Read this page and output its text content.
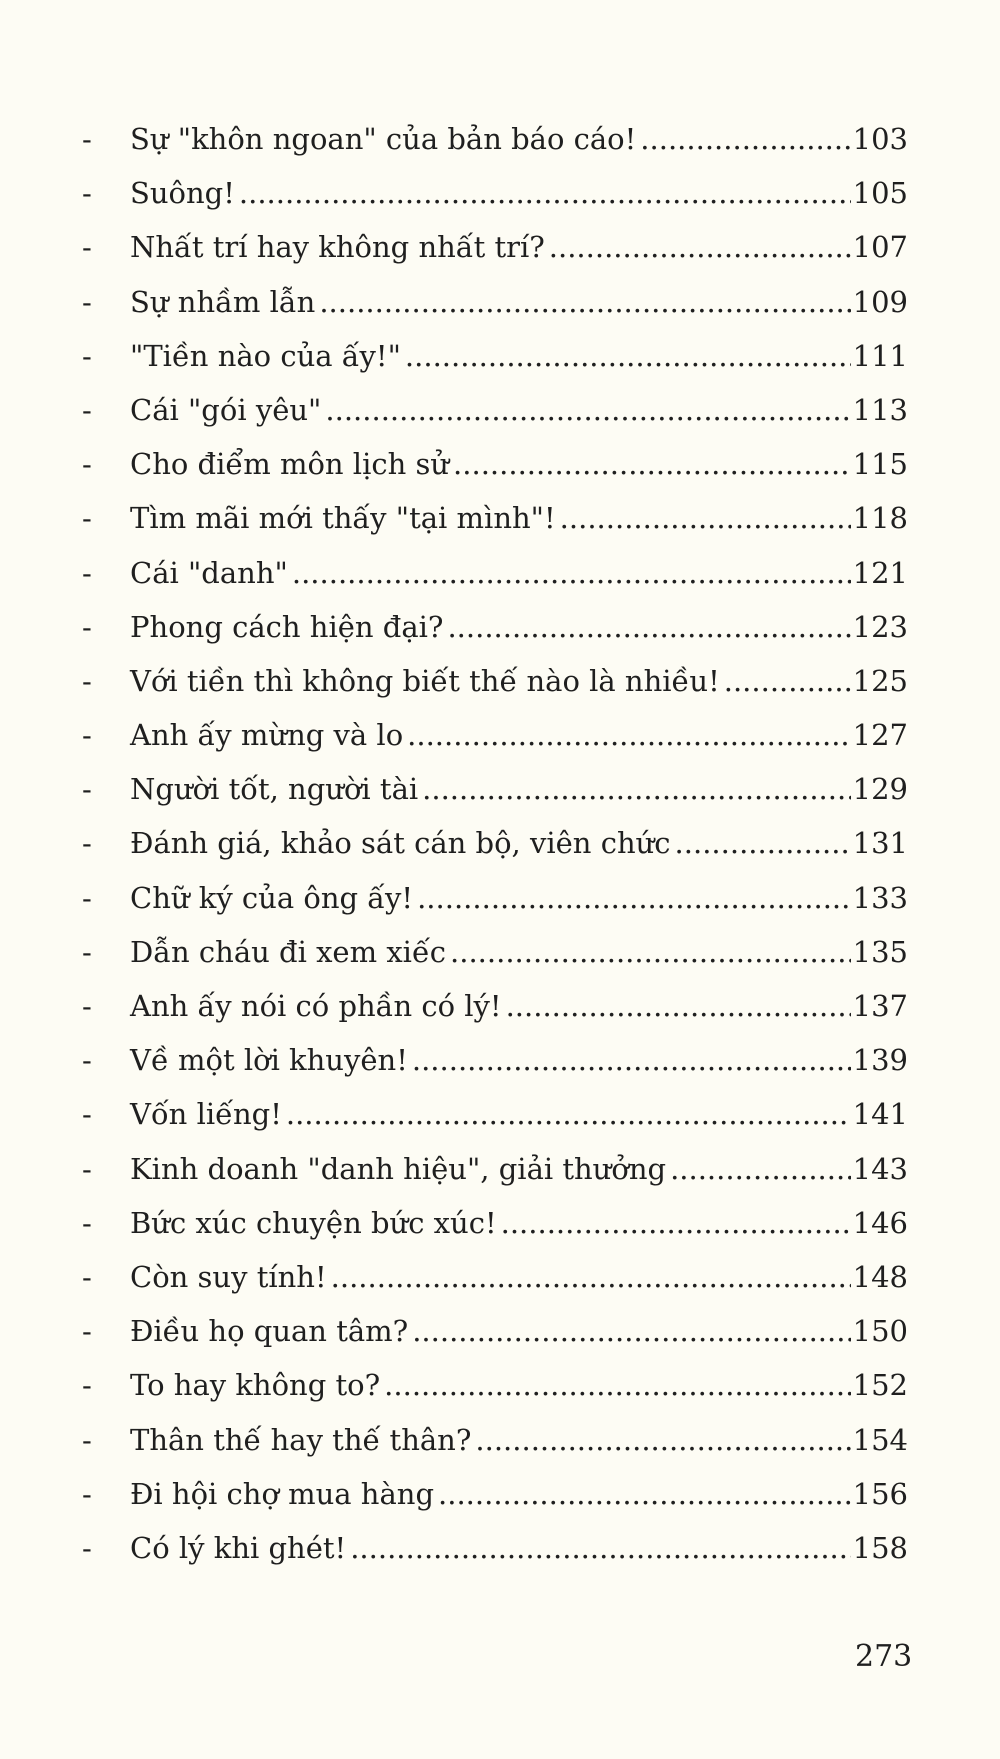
-	Sự "khôn ngoan" của bản báo cáo! .....	103
-	Suông! .....	105
-	Nhất trí hay không nhất trí? .....	107
-	Sự nhầm lẫn .....	109
-	"Tiền nào của ấy!" .....	111
-	Cái "gói yêu" .....	113
-	Cho điểm môn lịch sử .....	115
-	Tìm mãi mới thấy "tại mình"! .....	118
-	Cái "danh" .....	121
-	Phong cách hiện đại? .....	123
-	Với tiền thì không biết thế nào là nhiều! .....	125
-	Anh ấy mừng và lo .....	127
-	Người tốt, người tài .....	129
-	Đánh giá, khảo sát cán bộ, viên chức .....	131
-	Chữ ký của ông ấy! .....	133
-	Dẫn cháu đi xem xiếc .....	135
-	Anh ấy nói có phần có lý! .....	137
-	Về một lời khuyên! .....	139
-	Vốn liếng! .....	141
-	Kinh doanh "danh hiệu", giải thưởng .....	143
-	Bức xúc chuyện bức xúc! .....	146
-	Còn suy tính! .....	148
-	Điều họ quan tâm? .....	150
-	To hay không to? .....	152
-	Thân thế hay thế thân? .....	154
-	Đi hội chợ mua hàng .....	156
-	Có lý khi ghét! .....	158
273
